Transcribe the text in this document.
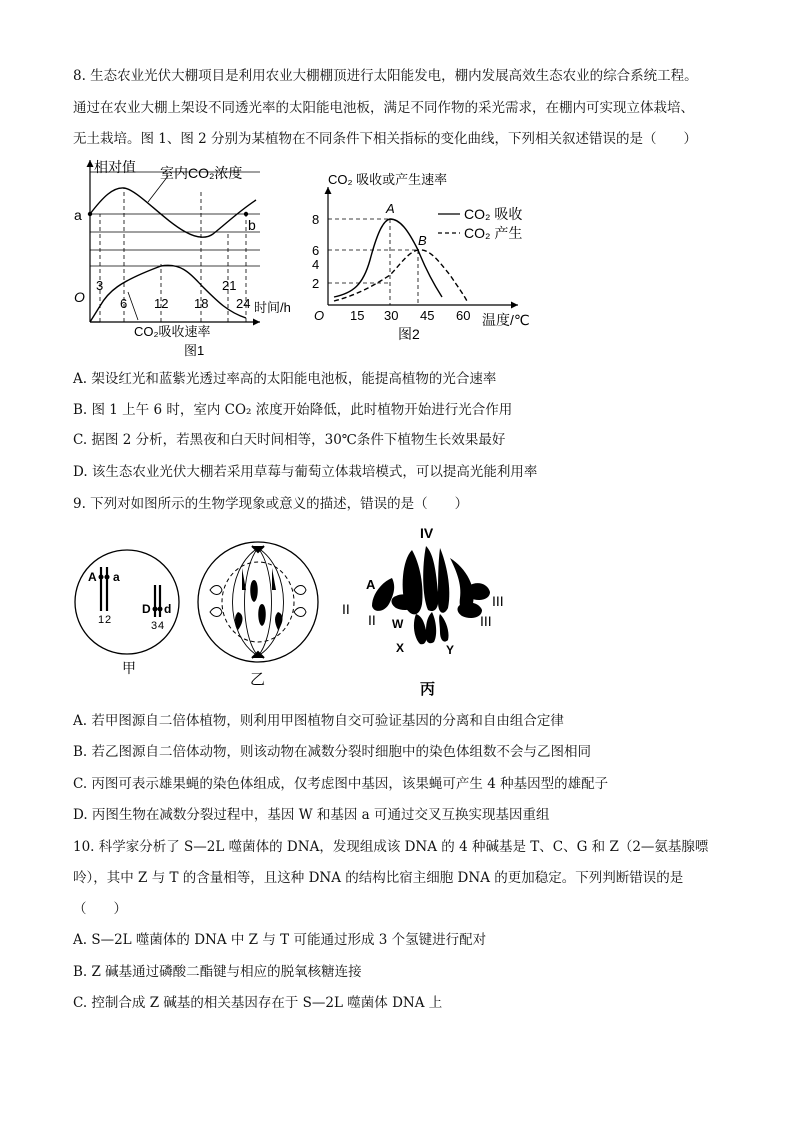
8. 生态农业光伏大棚项目是利用农业大棚棚顶进行太阳能发电，棚内发展高效生态农业的综合系统工程。
通过在农业大棚上架设不同透光率的太阳能电池板，满足不同作物的采光需求，在棚内可实现立体栽培、
无土栽培。图 1、图 2 分别为某植物在不同条件下相关指标的变化曲线，下列相关叙述错误的是（　　）
相对值 室内CO₂浓度
a
b
O
3
6 12 18
21
24 时间/h
CO₂吸收速率
图1
CO₂ 吸收
CO₂ 产生
CO₂ 吸收或产生速率
A
B
8
6
4
2
O 15 30 45 60 温度/℃
图2
A. 架设红光和蓝紫光透过率高的太阳能电池板，能提高植物的光合速率
B. 图 1 上午 6 时，室内 CO₂ 浓度开始降低，此时植物开始进行光合作用
C. 据图 2 分析，若黑夜和白天时间相等，30℃条件下植物生长效果最好
D. 该生态农业光伏大棚若采用草莓与葡萄立体栽培模式，可以提高光能利用率
9. 下列对如图所示的生物学现象或意义的描述，错误的是（　　）
A a
1 2
D d
3 4
甲
乙
IV
A
II
II
a
W
III
III
X	Y
丙
A. 若甲图源自二倍体植物，则利用甲图植物自交可验证基因的分离和自由组合定律
B. 若乙图源自二倍体动物，则该动物在减数分裂时细胞中的染色体组数不会与乙图相同
C. 丙图可表示雄果蝇的染色体组成，仅考虑图中基因，该果蝇可产生 4 种基因型的雄配子
D. 丙图生物在减数分裂过程中，基因 W 和基因 a 可通过交叉互换实现基因重组
10. 科学家分析了 S—2L 噬菌体的 DNA，发现组成该 DNA 的 4 种碱基是 T、C、G 和 Z（2—氨基腺嘌
呤），其中 Z 与 T 的含量相等，且这种 DNA 的结构比宿主细胞 DNA 的更加稳定。下列判断错误的是
（　　）
A. S—2L 噬菌体的 DNA 中 Z 与 T 可能通过形成 3 个氢键进行配对
B. Z 碱基通过磷酸二酯键与相应的脱氧核糖连接
C. 控制合成 Z 碱基的相关基因存在于 S—2L 噬菌体 DNA 上
